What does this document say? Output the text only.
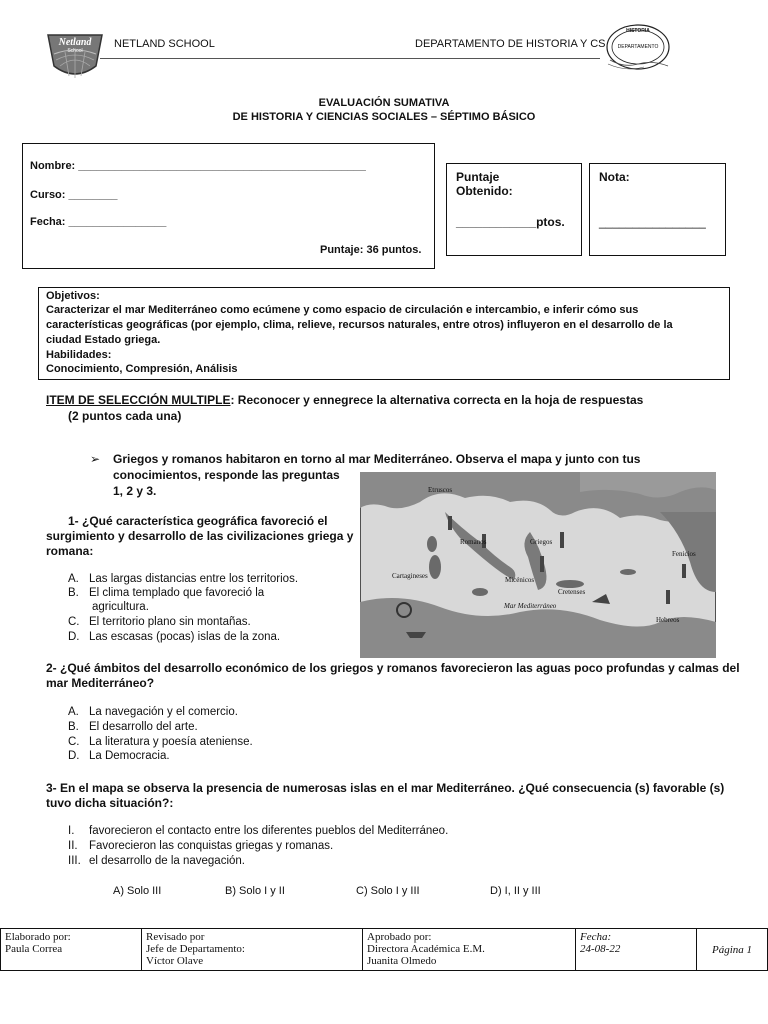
Netland
School
NETLAND SCHOOL	DEPARTAMENTO DE HISTORIA Y CS.
HISTORIA
DEPARTAMENTO
EVALUACIÓN SUMATIVA
DE HISTORIA Y CIENCIAS SOCIALES – SÉPTIMO BÁSICO
Nombre: _______________________________________________
Curso: ________
Fecha: ________________
Puntaje: 36 puntos.
Puntaje
Obtenido:
____________ptos.
Nota:
________________
Objetivos:
Caracterizar el mar Mediterráneo como ecúmene y como espacio de circulación e intercambio, e inferir cómo sus
características geográficas (por ejemplo, clima, relieve, recursos naturales, entre otros) influyeron en el desarrollo de la
ciudad Estado griega.
Habilidades:
Conocimiento, Compresión, Análisis
ITEM DE SELECCIÓN MULTIPLE: Reconocer y ennegrece la alternativa correcta en la hoja de respuestas
(2 puntos cada una)
➢ Griegos y romanos habitaron en torno al mar Mediterráneo. Observa el mapa y junto con tus
conocimientos, responde las preguntas
1, 2 y 3.	Etruscos
Romanos	Griegos
Fenicios
Cartagineses	Micénicos
Cretenses
Mar Mediterráneo
Hebreos
1- ¿Qué característica geográfica favoreció el
surgimiento y desarrollo de las civilizaciones griega y
romana:
A. Las largas distancias entre los territorios.
B. El clima templado que favoreció la
agricultura.
C. El territorio plano sin montañas.
D. Las escasas (pocas) islas de la zona.
2- ¿Qué ámbitos del desarrollo económico de los griegos y romanos favorecieron las aguas poco profundas y calmas del
mar Mediterráneo?
A. La navegación y el comercio.
B. El desarrollo del arte.
C. La literatura y poesía ateniense.
D. La Democracia.
3- En el mapa se observa la presencia de numerosas islas en el mar Mediterráneo. ¿Qué consecuencia (s) favorable (s)
tuvo dicha situación?:
I.	favorecieron el contacto entre los diferentes pueblos del Mediterráneo.
II. Favorecieron las conquistas griegas y romanas.
III. el desarrollo de la navegación.
A) Solo III	B) Solo I y II	C) Solo I y III	D) I, II y III
Elaborado por:
Paula Correa

Revisado por
Jefe de Departamento:
Víctor Olave

Aprobado por:
Directora Académica E.M.
Juanita Olmedo

Fecha:
24-08-22	Página 1
